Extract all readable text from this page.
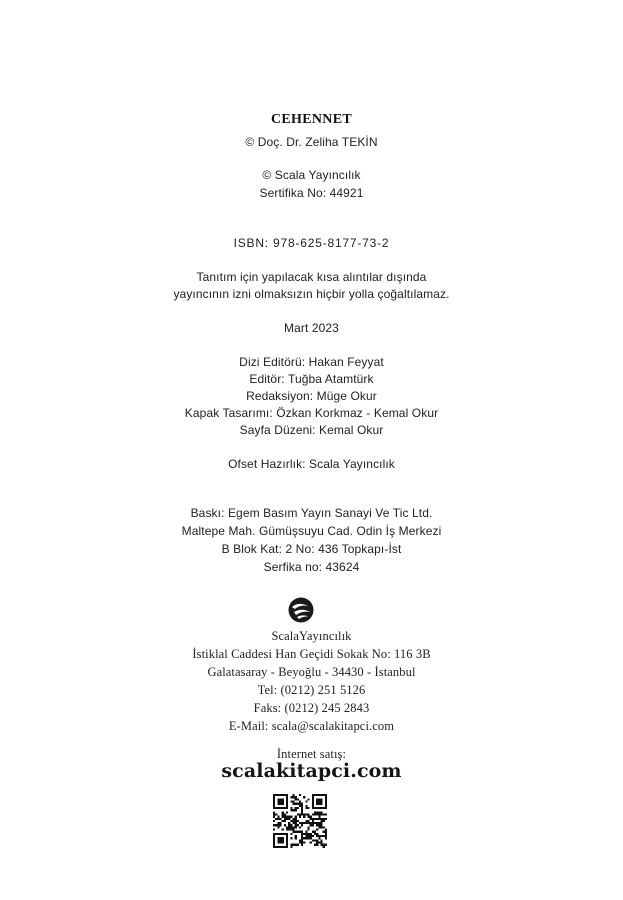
CEHENNET
© Doç. Dr. Zeliha TEKİN
© Scala Yayıncılık
Sertifika No: 44921
ISBN: 978-625-8177-73-2
Tanıtım için yapılacak kısa alıntılar dışında
yayıncının izni olmaksızın hiçbir yolla çoğaltılamaz.
Mart 2023
Dizi Editörü: Hakan Feyyat
Editör: Tuğba Atamtürk
Redaksiyon: Müge Okur
Kapak Tasarımı: Özkan Korkmaz - Kemal Okur
Sayfa Düzeni: Kemal Okur
Ofset Hazırlık: Scala Yayıncılık
Baskı: Egem Basım Yayın Sanayi Ve Tic Ltd.
Maltepe Mah. Gümüşsuyu Cad. Odin İş Merkezi
B Blok Kat: 2 No: 436 Topkapı-İst
Serfika no: 43624
ScalaYayıncılık
İstiklal Caddesi Han Geçidi Sokak No: 116 3B
Galatasaray - Beyoğlu - 34430 - İstanbul
Tel: (0212) 251 5126
Faks: (0212) 245 2843
E-Mail: scala@scalakitapci.com
İnternet satış:
scalakitapci.com
